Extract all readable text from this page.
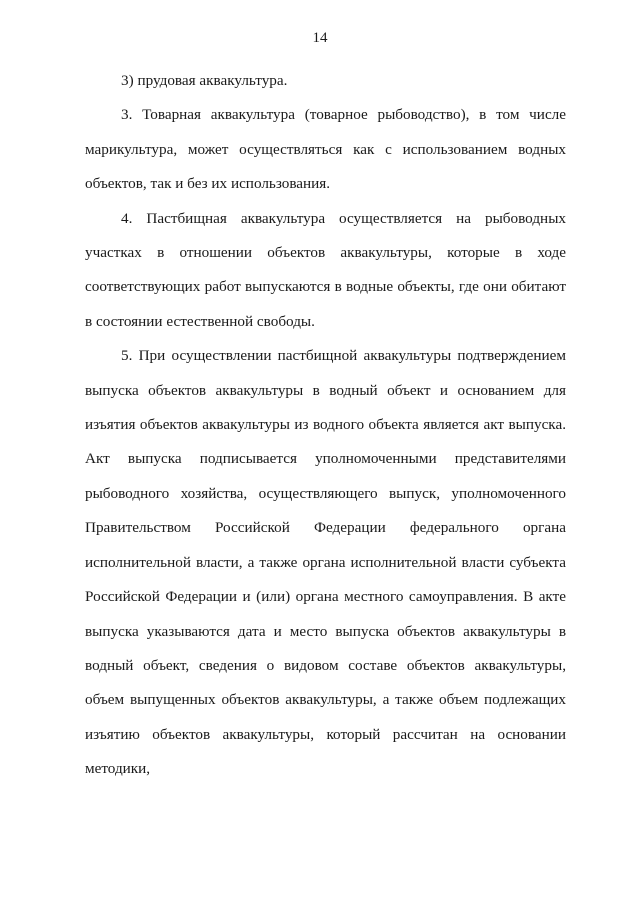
14

3) прудовая аквакультура.

3. Товарная аквакультура (товарное рыбоводство), в том числе марикультура, может осуществляться как с использованием водных объектов, так и без их использования.

4. Пастбищная аквакультура осуществляется на рыбоводных участках в отношении объектов аквакультуры, которые в ходе соответствующих работ выпускаются в водные объекты, где они обитают в состоянии естественной свободы.

5. При осуществлении пастбищной аквакультуры подтверждением выпуска объектов аквакультуры в водный объект и основанием для изъятия объектов аквакультуры из водного объекта является акт выпуска. Акт выпуска подписывается уполномоченными представителями рыбоводного хозяйства, осуществляющего выпуск, уполномоченного Правительством Российской Федерации федерального органа исполнительной власти, а также органа исполнительной власти субъекта Российской Федерации и (или) органа местного самоуправления. В акте выпуска указываются дата и место выпуска объектов аквакультуры в водный объект, сведения о видовом составе объектов аквакультуры, объем выпущенных объектов аквакультуры, а также объем подлежащих изъятию объектов аквакультуры, который рассчитан на основании методики,
